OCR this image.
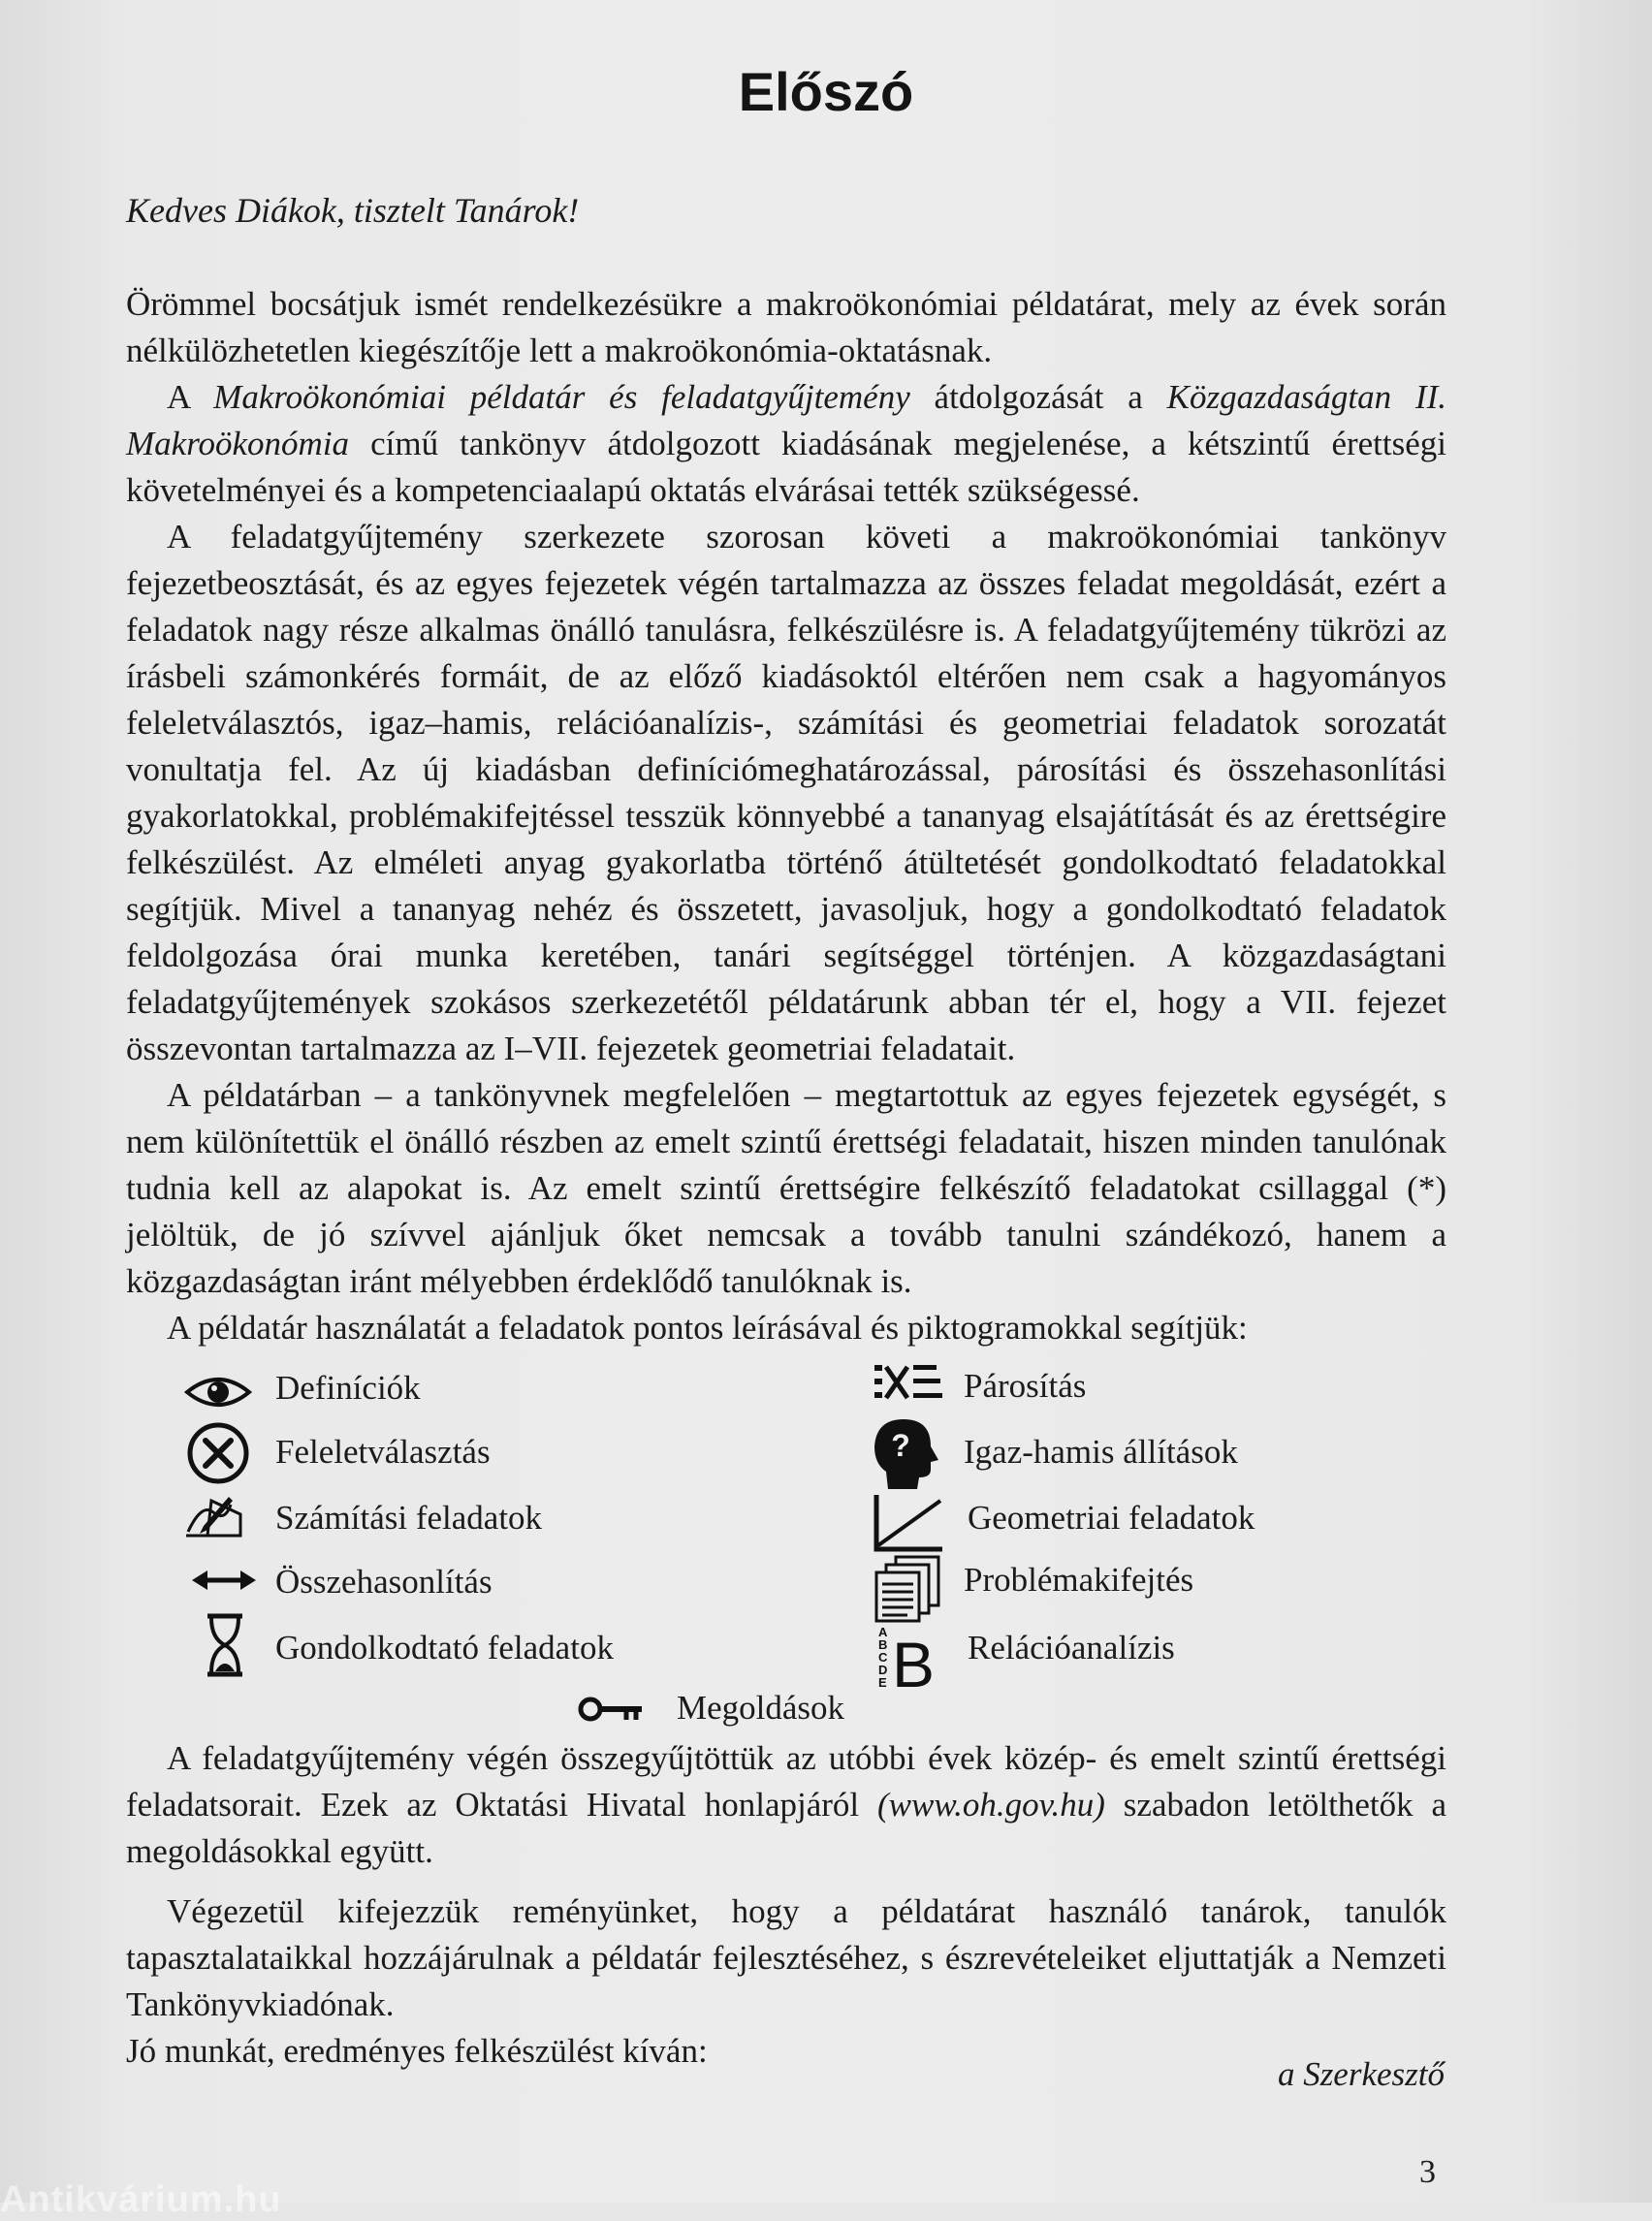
Előszó
Kedves Diákok, tisztelt Tanárok!

Örömmel bocsátjuk ismét rendelkezésükre a makroökonómiai példatárat, mely az évek során nélkülözhetetlen kiegészítője lett a makroökonómia-oktatásnak.

A Makroökonómiai példatár és feladatgyűjtemény átdolgozását a Közgazdaságtan II. Makroökonómia című tankönyv átdolgozott kiadásának megjelenése, a kétszintű érettségi követelményei és a kompetenciaalapú oktatás elvárásai tették szükségessé.

A feladatgyűjtemény szerkezete szorosan követi a makroökonómiai tankönyv fejezetbeosztását, és az egyes fejezetek végén tartalmazza az összes feladat megoldását, ezért a feladatok nagy része alkalmas önálló tanulásra, felkészülésre is. A feladatgyűjtemény tükrözi az írásbeli számonkérés formáit, de az előző kiadásoktól eltérően nem csak a hagyományos feleletválasztós, igaz–hamis, relációanalízis-, számítási és geometriai feladatok sorozatát vonultatja fel. Az új kiadásban definíciómeghatározással, párosítási és összehasonlítási gyakorlatokkal, problémakifejtéssel tesszük könnyebbé a tananyag elsajátítását és az érettségire felkészülést. Az elméleti anyag gyakorlatba történő átültetését gondolkodtató feladatokkal segítjük. Mivel a tananyag nehéz és összetett, javasoljuk, hogy a gondolkodtató feladatok feldolgozása órai munka keretében, tanári segítséggel történjen. A közgazdaságtani feladatgyűjtemények szokásos szerkezetétől példatárunk abban tér el, hogy a VII. fejezet összevontan tartalmazza az I–VII. fejezetek geometriai feladatait.

A példatárban – a tankönyvnek megfelelően – megtartottuk az egyes fejezetek egységét, s nem különítettük el önálló részben az emelt szintű érettségi feladatait, hiszen minden tanulónak tudnia kell az alapokat is. Az emelt szintű érettségire felkészítő feladatokat csillaggal (*) jelöltük, de jó szívvel ajánljuk őket nemcsak a tovább tanulni szándékozó, hanem a közgazdaságtan iránt mélyebben érdeklődő tanulóknak is.

A példatár használatát a feladatok pontos leírásával és piktogramokkal segítjük:

Definíciók
Feleletválasztás
Számítási feladatok
Összehasonlítás
Gondolkodtató feladatok
Párosítás
? Igaz-hamis állítások
Geometriai feladatok
Problémakifejtés
A
B
C
D
E B Relációanalízis
Megoldások

A feladatgyűjtemény végén összegyűjtöttük az utóbbi évek közép- és emelt szintű érettségi feladatsorait. Ezek az Oktatási Hivatal honlapjáról (www.oh.gov.hu) szabadon letölthetők a megoldásokkal együtt.

Végezetül kifejezzük reményünket, hogy a példatárat használó tanárok, tanulók tapasztalataikkal hozzájárulnak a példatár fejlesztéséhez, s észrevételeiket eljuttatják a Nemzeti Tankönyvkiadónak.

Jó munkát, eredményes felkészülést kíván:

a Szerkesztő
3
Antikvárium.hu
